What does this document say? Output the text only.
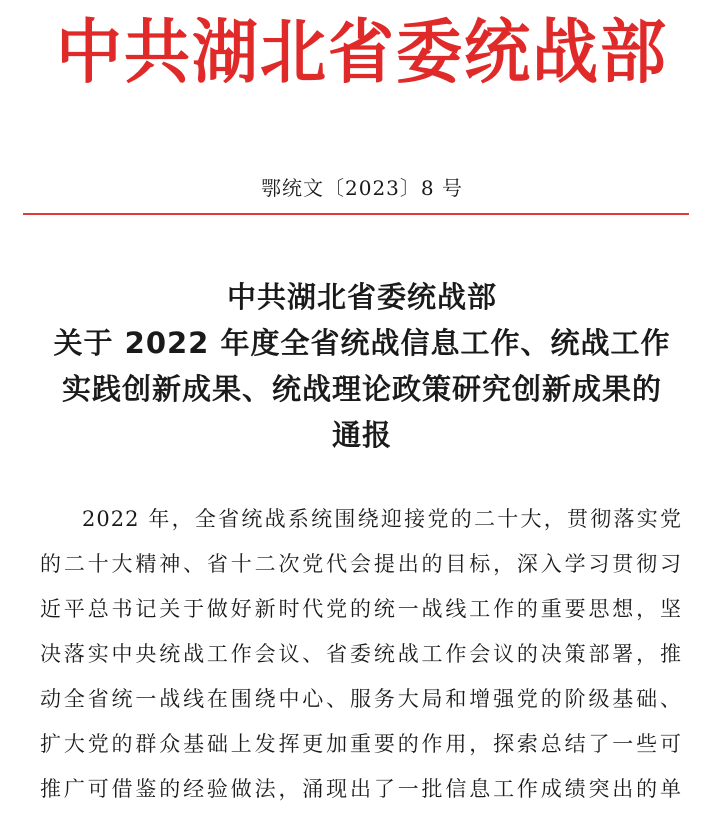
中共湖北省委统战部
鄂统文〔2023〕8 号
中共湖北省委统战部
关于 2022 年度全省统战信息工作、统战工作
实践创新成果、统战理论政策研究创新成果的
通报
2022 年，全省统战系统围绕迎接党的二十大，贯彻落实党
的二十大精神、省十二次党代会提出的目标，深入学习贯彻习
近平总书记关于做好新时代党的统一战线工作的重要思想，坚
决落实中央统战工作会议、省委统战工作会议的决策部署，推
动全省统一战线在围绕中心、服务大局和增强党的阶级基础、
扩大党的群众基础上发挥更加重要的作用，探索总结了一些可
推广可借鉴的经验做法，涌现出了一批信息工作成绩突出的单
